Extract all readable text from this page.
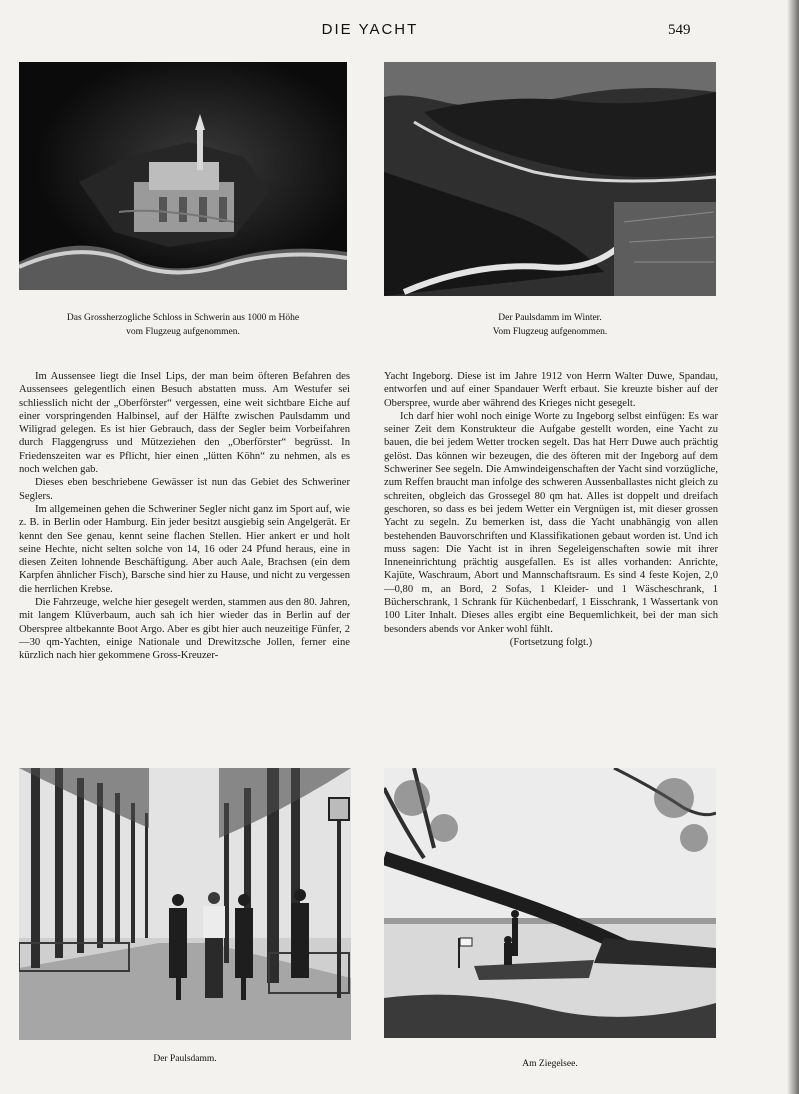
DIE YACHT	549
Das Grossherzogliche Schloss in Schwerin aus 1000 m Höhe
vom Flugzeug aufgenommen.
Der Paulsdamm im Winter.
Vom Flugzeug aufgenommen.

Im Aussensee liegt die Insel Lips, der man beim öfteren Befahren des Aussensees gelegentlich einen Besuch abstatten muss. Am Westufer sei schliesslich nicht der „Oberförster“ vergessen, eine weit sichtbare Eiche auf einer vorspringenden Halbinsel, auf der Hälfte zwischen Paulsdamm und Wiligrad gelegen. Es ist hier Gebrauch, dass der Segler beim Vorbeifahren durch Flaggengruss und Mützeziehen den „Oberförster“ begrüsst. In Friedenszeiten war es Pflicht, hier einen „lütten Köhn“ zu nehmen, als es noch welchen gab.

Dieses eben beschriebene Gewässer ist nun das Gebiet des Schweriner Seglers.

Im allgemeinen gehen die Schweriner Segler nicht ganz im Sport auf, wie z. B. in Berlin oder Hamburg. Ein jeder besitzt ausgiebig sein Angelgerät. Er kennt den See genau, kennt seine flachen Stellen. Hier ankert er und holt seine Hechte, nicht selten solche von 14, 16 oder 24 Pfund heraus, eine in diesen Zeiten lohnende Beschäftigung. Aber auch Aale, Brachsen (ein dem Karpfen ähnlicher Fisch), Barsche sind hier zu Hause, und nicht zu vergessen die herrlichen Krebse.

Die Fahrzeuge, welche hier gesegelt werden, stammen aus den 80. Jahren, mit langem Klüverbaum, auch sah ich hier wieder das in Berlin auf der Oberspree altbekannte Boot Argo. Aber es gibt hier auch neuzeitige Fünfer, 2—30 qm-Yachten, einige Nationale und Drewitzsche Jollen, ferner eine kürzlich nach hier gekommene Gross-Kreuzer-

Yacht Ingeborg. Diese ist im Jahre 1912 von Herrn Walter Duwe, Spandau, entworfen und auf einer Spandauer Werft erbaut. Sie kreuzte bisher auf der Oberspree, wurde aber während des Krieges nicht gesegelt.

Ich darf hier wohl noch einige Worte zu Ingeborg selbst einfügen: Es war seiner Zeit dem Konstrukteur die Aufgabe gestellt worden, eine Yacht zu bauen, die bei jedem Wetter trocken segelt. Das hat Herr Duwe auch prächtig gelöst. Das können wir bezeugen, die des öfteren mit der Ingeborg auf dem Schweriner See segeln. Die Amwindeigenschaften der Yacht sind vorzügliche, zum Reffen braucht man infolge des schweren Aussenballastes nicht gleich zu schreiten, obgleich das Grossegel 80 qm hat. Alles ist doppelt und dreifach geschoren, so dass es bei jedem Wetter ein Vergnügen ist, mit dieser grossen Yacht zu segeln. Zu bemerken ist, dass die Yacht unabhängig von allen bestehenden Bauvorschriften und Klassifikationen gebaut worden ist. Und ich muss sagen: Die Yacht ist in ihren Segeleigenschaften sowie mit ihrer Inneneinrichtung prächtig ausgefallen. Es ist alles vorhanden: Anrichte, Kajüte, Waschraum, Abort und Mannschaftsraum. Es sind 4 feste Kojen, 2,0—0,80 m, an Bord, 2 Sofas, 1 Kleider- und 1 Wäscheschrank, 1 Bücherschrank, 1 Schrank für Küchenbedarf, 1 Eisschrank, 1 Wassertank von 100 Liter Inhalt. Dieses alles ergibt eine Bequemlichkeit, bei der man sich besonders abends vor Anker wohl fühlt.

(Fortsetzung folgt.)

Der Paulsdamm.	Am Ziegelsee.
